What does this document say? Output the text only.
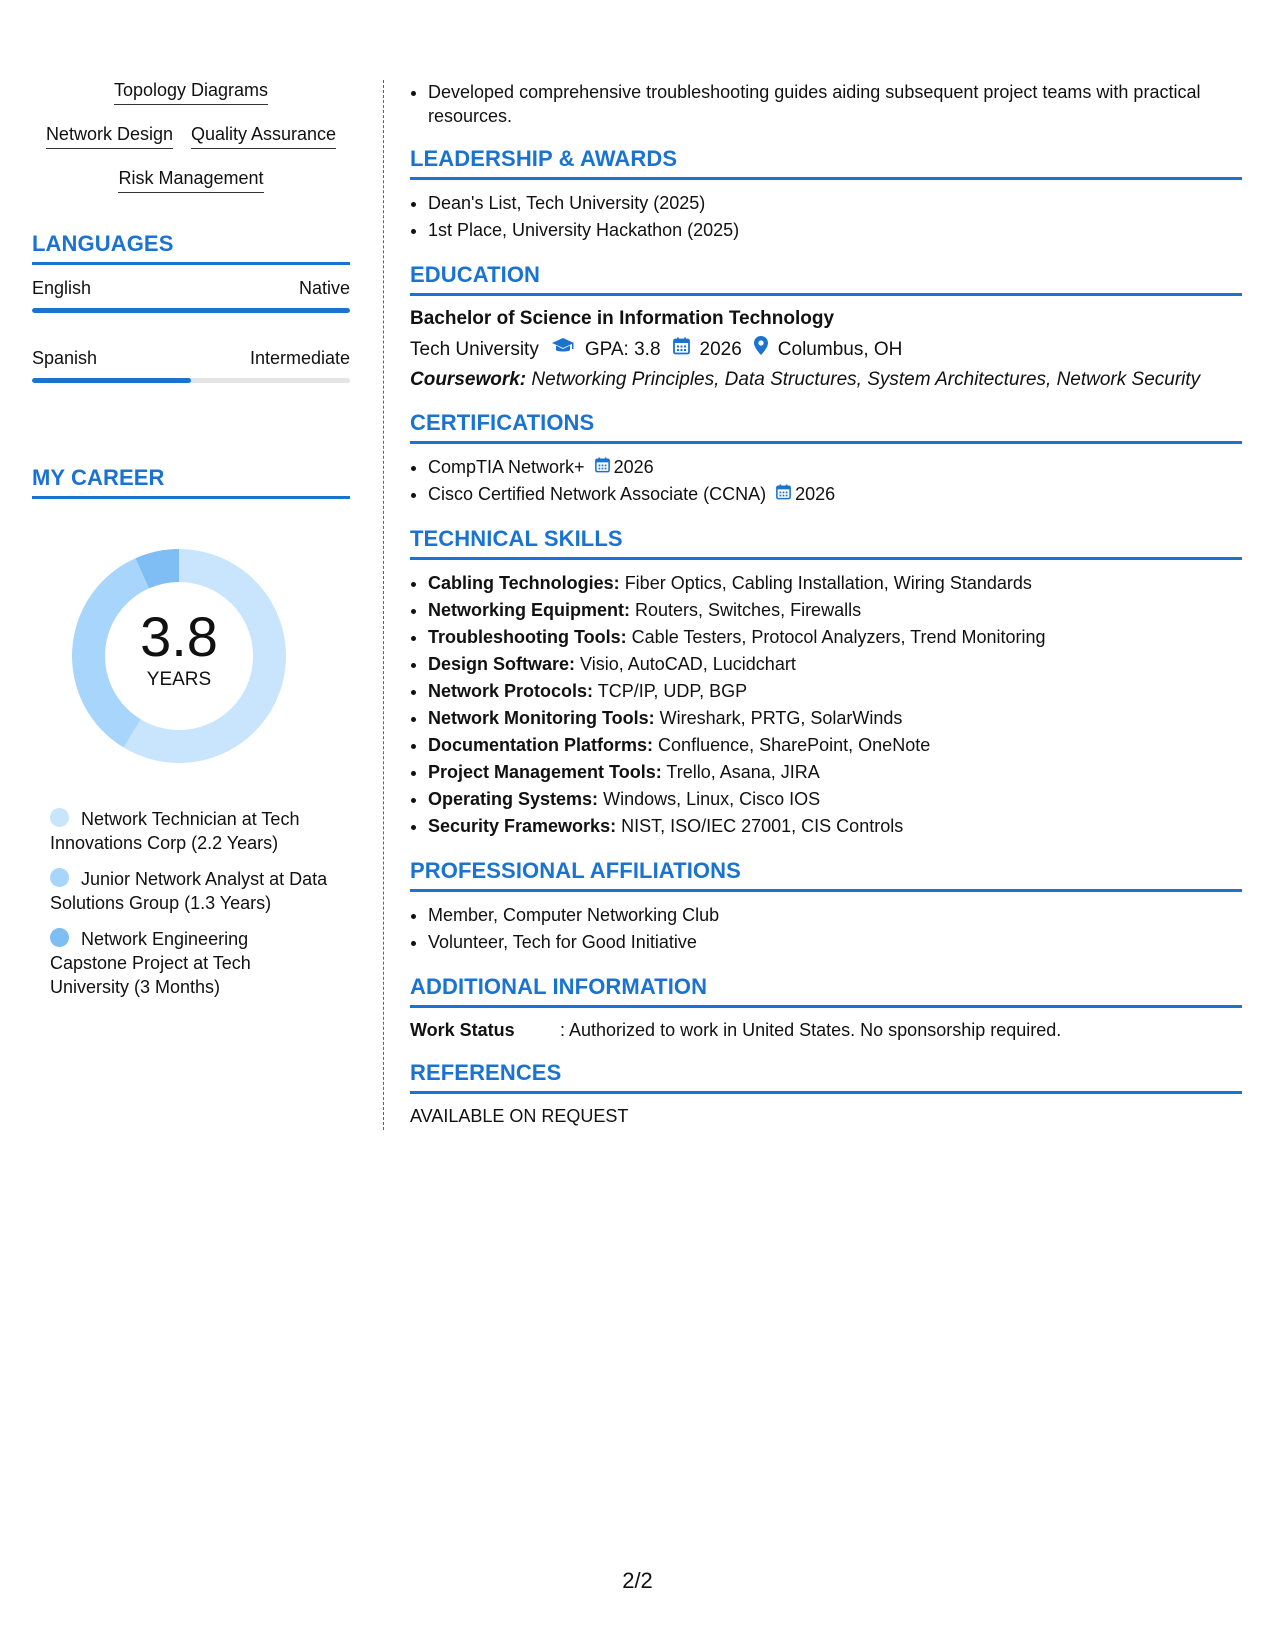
Topology Diagrams
Network Design Quality Assurance
Risk Management
LANGUAGES
English	Native
Spanish	Intermediate
MY CAREER
3.8
YEARS
Network Technician at Tech Innovations Corp (2.2 Years)
Junior Network Analyst at Data Solutions Group (1.3 Years)
Network Engineering Capstone Project at Tech University (3 Months)
• Developed comprehensive troubleshooting guides aiding subsequent project teams with practical resources.
LEADERSHIP & AWARDS
• Dean's List, Tech University (2025)
• 1st Place, University Hackathon (2025)
EDUCATION
Bachelor of Science in Information Technology
Tech University GPA: 3.8 2026 Columbus, OH
Coursework: Networking Principles, Data Structures, System Architectures, Network Security
CERTIFICATIONS
• CompTIA Network+ 2026
• Cisco Certified Network Associate (CCNA) 2026
TECHNICAL SKILLS
• Cabling Technologies: Fiber Optics, Cabling Installation, Wiring Standards
• Networking Equipment: Routers, Switches, Firewalls
• Troubleshooting Tools: Cable Testers, Protocol Analyzers, Trend Monitoring
• Design Software: Visio, AutoCAD, Lucidchart
• Network Protocols: TCP/IP, UDP, BGP
• Network Monitoring Tools: Wireshark, PRTG, SolarWinds
• Documentation Platforms: Confluence, SharePoint, OneNote
• Project Management Tools: Trello, Asana, JIRA
• Operating Systems: Windows, Linux, Cisco IOS
• Security Frameworks: NIST, ISO/IEC 27001, CIS Controls
PROFESSIONAL AFFILIATIONS
• Member, Computer Networking Club
• Volunteer, Tech for Good Initiative
ADDITIONAL INFORMATION
Work Status	: Authorized to work in United States. No sponsorship required.
REFERENCES
AVAILABLE ON REQUEST
2/2
